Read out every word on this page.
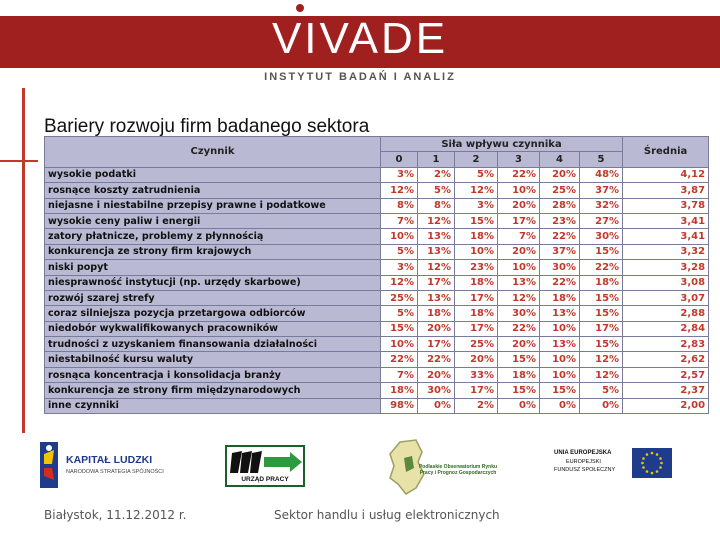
VIVADE
INSTYTUT BADAŃ I ANALIZ
Bariery rozwoju firm badanego sektora
Czynnik	Siła wpływu czynnika						Średnia
	0	1	2	3	4	5	
wysokie podatki	3%	2%	5%	22%	20%	48%	4,12
rosnące koszty zatrudnienia	12%	5%	12%	10%	25%	37%	3,87
niejasne i niestabilne przepisy prawne i podatkowe	8%	8%	3%	20%	28%	32%	3,78
wysokie ceny paliw i energii	7%	12%	15%	17%	23%	27%	3,41
zatory płatnicze, problemy z płynnością	10%	13%	18%	7%	22%	30%	3,41
konkurencja ze strony firm krajowych	5%	13%	10%	20%	37%	15%	3,32
niski popyt	3%	12%	23%	10%	30%	22%	3,28
niesprawność instytucji (np. urzędy skarbowe)	12%	17%	18%	13%	22%	18%	3,08
rozwój szarej strefy	25%	13%	17%	12%	18%	15%	3,07
coraz silniejsza pozycja przetargowa odbiorców	5%	18%	18%	30%	13%	15%	2,88
niedobór wykwalifikowanych pracowników	15%	20%	17%	22%	10%	17%	2,84
trudności z uzyskaniem finansowania działalności	10%	17%	25%	20%	13%	15%	2,83
niestabilność kursu waluty	22%	22%	20%	15%	10%	12%	2,62
rosnąca koncentracja i konsolidacja branży	7%	20%	33%	18%	10%	12%	2,57
konkurencja ze strony firm międzynarodowych	18%	30%	17%	15%	15%	5%	2,37
inne czynniki	98%	0%	2%	0%	0%	0%	2,00
KAPITAŁ LUDZKI
NARODOWA STRATEGIA SPÓJNOŚCI
URZĄD PRACY
Podlaskie Obserwatorium Rynku Pracy i Prognoz Gospodarczych
UNIA EUROPEJSKA
EUROPEJSKI
FUNDUSZ SPOŁECZNY
Białystok, 11.12.2012 r.	Sektor handlu i usług elektronicznych
